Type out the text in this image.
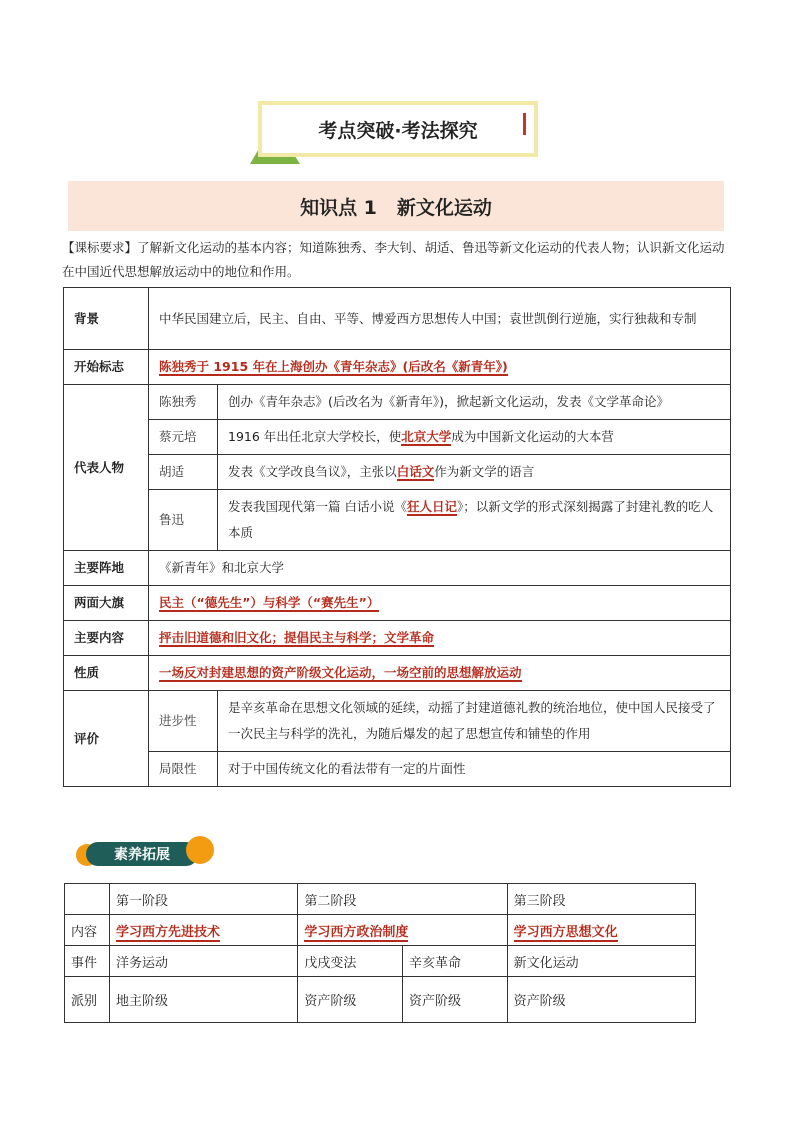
考点突破·考法探究
知识点 1 新文化运动
【课标要求】了解新文化运动的基本内容；知道陈独秀、李大钊、胡适、鲁迅等新文化运动的代表人物；认识新文化运动在中国近代思想解放运动中的地位和作用。
背景	中华民国建立后，民主、自由、平等、博爱西方思想传人中国；袁世凯倒行逆施，实行独裁和专制	
开始标志	陈独秀于 1915 年在上海创办《青年杂志》(后改名《新青年》)	
代表人物	陈独秀	创办《青年杂志》(后改名为《新青年》)，掀起新文化运动，发表《文学革命论》
	蔡元培	1916 年出任北京大学校长，使北京大学成为中国新文化运动的大本营
	胡适	发表《文学改良刍议》，主张以白话文作为新文学的语言
	鲁迅	发表我国现代第一篇 白话小说《狂人日记》；以新文学的形式深刻揭露了封建礼教的吃人本质
主要阵地	《新青年》和北京大学	
两面大旗	民主（“德先生”）与科学（“赛先生”）	
主要内容	抨击旧道德和旧文化；提倡民主与科学；文学革命	
性质	一场反对封建思想的资产阶级文化运动，一场空前的思想解放运动	
评价	进步性	是辛亥革命在思想文化领域的延续，动摇了封建道德礼教的统治地位，使中国人民接受了一次民主与科学的洗礼，为随后爆发的起了思想宣传和铺垫的作用
	局限性	对于中国传统文化的看法带有一定的片面性
素养拓展
	第一阶段	第二阶段		第三阶段
内容	学习西方先进技术	学习西方政治制度		学习西方思想文化
事件	洋务运动	戊戌变法	辛亥革命	新文化运动
派别	地主阶级	资产阶级	资产阶级	资产阶级
